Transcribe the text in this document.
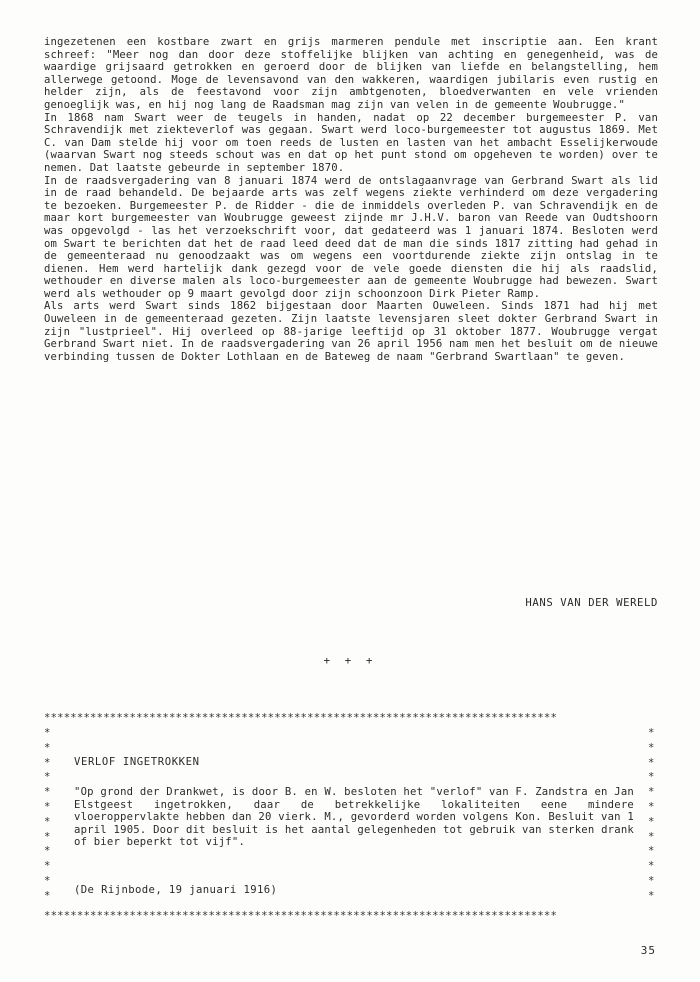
ingezetenen een kostbare zwart en grijs marmeren pendule met inscriptie aan. Een krant schreef: "Meer nog dan door deze stoffelijke blijken van achting en genegenheid, was de waardige grijsaard getrokken en geroerd door de blijken van liefde en belangstelling, hem allerwege getoond. Moge de levensavond van den wakkeren, waardigen jubilaris even rustig en helder zijn, als de feestavond voor zijn ambtgenoten, bloedverwanten en vele vrienden genoeglijk was, en hij nog lang de Raadsman mag zijn van velen in de gemeente Woubrugge."

In 1868 nam Swart weer de teugels in handen, nadat op 22 december burgemeester P. van Schravendijk met ziekteverlof was gegaan. Swart werd loco-burgemeester tot augustus 1869. Met C. van Dam stelde hij voor om toen reeds de lusten en lasten van het ambacht Esselijkerwoude (waarvan Swart nog steeds schout was en dat op het punt stond om opgeheven te worden) over te nemen. Dat laatste gebeurde in september 1870.

In de raadsvergadering van 8 januari 1874 werd de ontslagaanvrage van Gerbrand Swart als lid in de raad behandeld. De bejaarde arts was zelf wegens ziekte verhinderd om deze vergadering te bezoeken. Burgemeester P. de Ridder - die de inmiddels overleden P. van Schravendijk en de maar kort burgemeester van Woubrugge geweest zijnde mr J.H.V. baron van Reede van Oudtshoorn was opgevolgd - las het verzoekschrift voor, dat gedateerd was 1 januari 1874. Besloten werd om Swart te berichten dat het de raad leed deed dat de man die sinds 1817 zitting had gehad in de gemeenteraad nu genoodzaakt was om wegens een voortdurende ziekte zijn ontslag in te dienen. Hem werd hartelijk dank gezegd voor de vele goede diensten die hij als raadslid, wethouder en diverse malen als loco-burgemeester aan de gemeente Woubrugge had bewezen. Swart werd als wethouder op 9 maart gevolgd door zijn schoonzoon Dirk Pieter Ramp.

Als arts werd Swart sinds 1862 bijgestaan door Maarten Ouweleen. Sinds 1871 had hij met Ouweleen in de gemeenteraad gezeten. Zijn laatste levensjaren sleet dokter Gerbrand Swart in zijn "lustprieel". Hij overleed op 88-jarige leeftijd op 31 oktober 1877. Woubrugge vergat Gerbrand Swart niet. In de raadsvergadering van 26 april 1956 nam men het besluit om de nieuwe verbinding tussen de Dokter Lothlaan en de Bateweg de naam "Gerbrand Swartlaan" te geven.

HANS VAN DER WERELD
+ + +
******************************************************************************
*
*
*
*
*
*
*
*
*
*
*
*
*
*
*
*
*
*
*
*
*
*
*
*
VERLOF INGETROKKEN
"Op grond der Drankwet, is door B. en W. besloten het "verlof" van F. Zandstra en Jan Elstgeest ingetrokken, daar de betrekkelijke lokaliteiten eene mindere vloeroppervlakte hebben dan 20 vierk. M., gevorderd worden volgens Kon. Besluit van 1 april 1905. Door dit besluit is het aantal gelegenheden tot gebruik van sterken drank of bier beperkt tot vijf".
(De Rijnbode, 19 januari 1916)
******************************************************************************
35
